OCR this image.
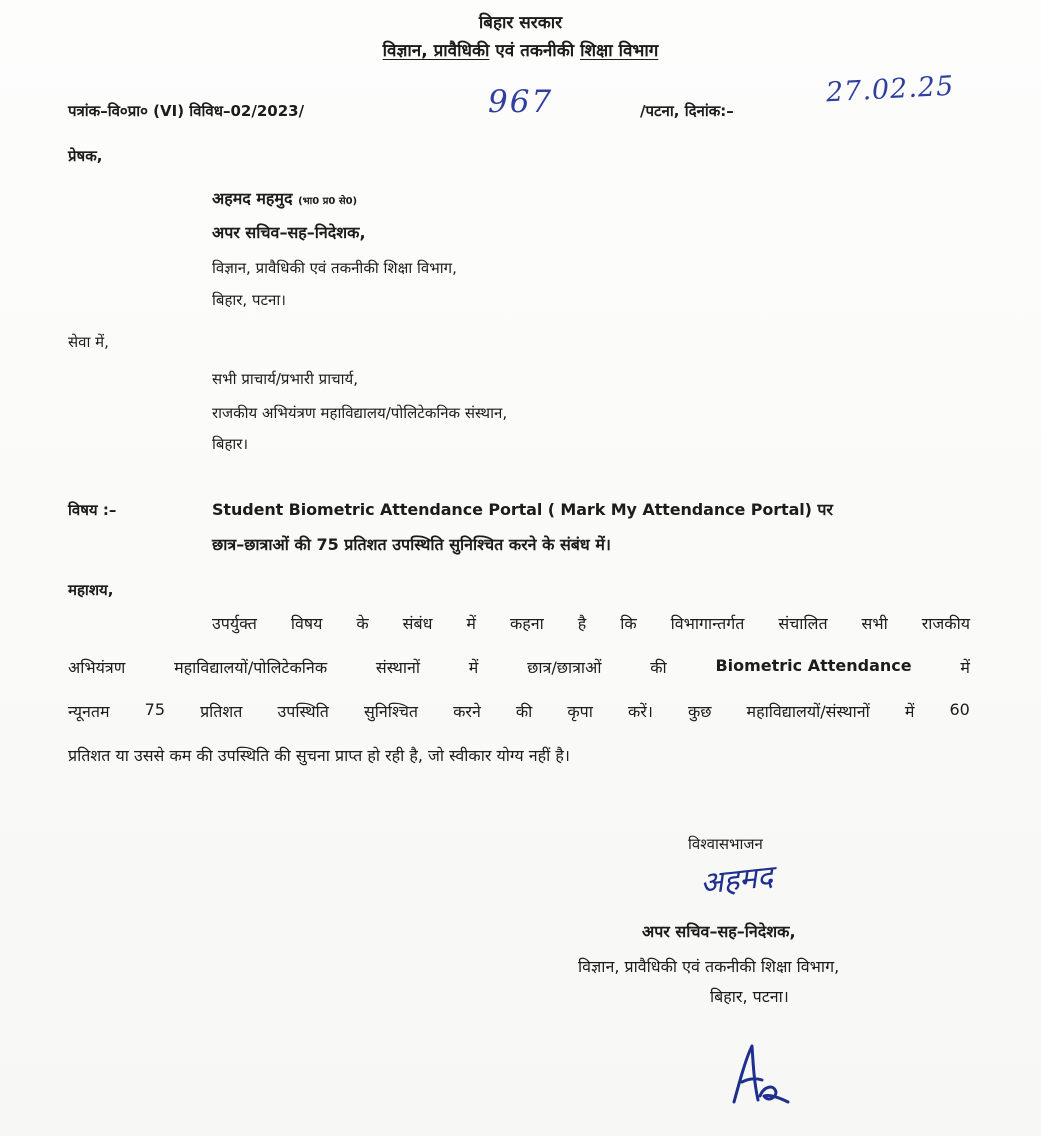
बिहार सरकार
विज्ञान, प्रावैधिकी एवं तकनीकी शिक्षा विभाग
पत्रांक–वि०प्रा० (VI) विविध–02/2023/	967	/पटना, दिनांक:–
27.02.25
प्रेषक,
अहमद महमुद (भा0 प्र0 से0)
अपर सचिव–सह–निदेशक,
विज्ञान, प्रावैधिकी एवं तकनीकी शिक्षा विभाग,
बिहार, पटना।
सेवा में,
सभी प्राचार्य/प्रभारी प्राचार्य,
राजकीय अभियंत्रण महाविद्यालय/पोलिटेकनिक संस्थान,
बिहार।
विषय :–	Student Biometric Attendance Portal ( Mark My Attendance Portal) पर
छात्र–छात्राओं की 75 प्रतिशत उपस्थिति सुनिश्चित करने के संबंध में।
महाशय,
उपर्युक्त विषय के संबंध में कहना है कि विभागान्तर्गत संचालित सभी राजकीय
अभियंत्रण	महाविद्यालयों/पोलिटेकनिक	संस्थानों	में	छात्र/छात्राओं	की	Biometric Attendance	में
न्यूनतम 75 प्रतिशत उपस्थिति सुनिश्चित करने की कृपा करें। कुछ महाविद्यालयों/संस्थानों में 60
प्रतिशत या उससे कम की उपस्थिति की सुचना प्राप्त हो रही है, जो स्वीकार योग्य नहीं है।
विश्वासभाजन
अहमद
अपर सचिव–सह–निदेशक,
विज्ञान, प्रावैधिकी एवं तकनीकी शिक्षा विभाग,
बिहार, पटना।
